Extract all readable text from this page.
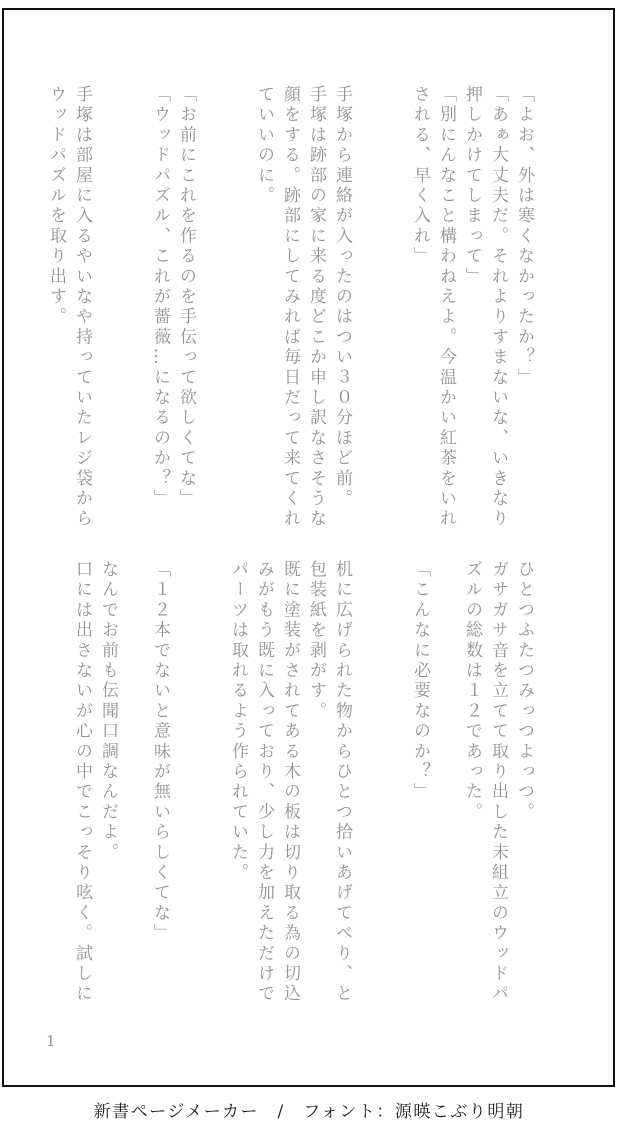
「よお、外は寒くなかったか？」
「あぁ大丈夫だ。それよりすまないな、いきなり
押しかけてしまって」
「別にんなこと構わねえよ。今温かい紅茶をいれ
される、早く入れ」
手塚から連絡が入ったのはつい３０分ほど前。
手塚は跡部の家に来る度どこか申し訳なさそうな
顔をする。跡部にしてみれば毎日だって来てくれ
ていいのに。
「お前にこれを作るのを手伝って欲しくてな」
「ウッドパズル、これが薔薇…になるのか？」
手塚は部屋に入るやいなや持っていたレジ袋から
ウッドパズルを取り出す。
ひとつふたつみっつよっつ。
ガサガサ音を立てて取り出した未組立のウッドパ
ズルの総数は１２であった。
「こんなに必要なのか？」
机に広げられた物からひとつ拾いあげてべり、と
包装紙を剥がす。
既に塗装がされてある木の板は切り取る為の切込
みがもう既に入っており、少し力を加えただけで
パーツは取れるよう作られていた。
「１２本でないと意味が無いらしくてな」
なんでお前も伝聞口調なんだよ。
口には出さないが心の中でこっそり呟く。試しに
1
新書ページメーカー　/　フォント：源暎こぶり明朝
